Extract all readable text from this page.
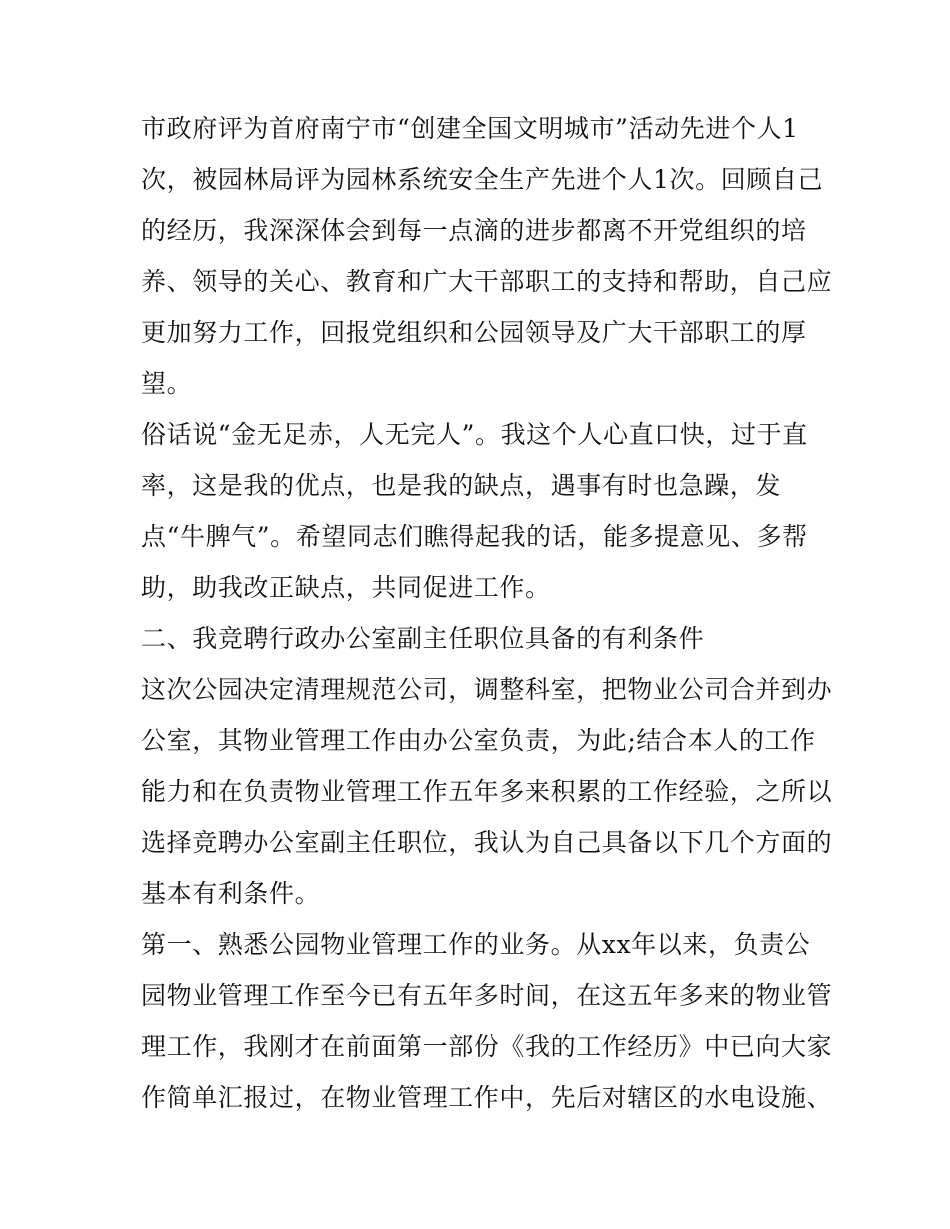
市政府评为首府南宁市“创建全国文明城市”活动先进个人1
次，被园林局评为园林系统安全生产先进个人1次。回顾自己
的经历，我深深体会到每一点滴的进步都离不开党组织的培
养、领导的关心、教育和广大干部职工的支持和帮助，自己应
更加努力工作，回报党组织和公园领导及广大干部职工的厚
望。
俗话说“金无足赤，人无完人”。我这个人心直口快，过于直
率，这是我的优点，也是我的缺点，遇事有时也急躁，发
点“牛脾气”。希望同志们瞧得起我的话，能多提意见、多帮
助，助我改正缺点，共同促进工作。
二、我竞聘行政办公室副主任职位具备的有利条件
这次公园决定清理规范公司，调整科室，把物业公司合并到办
公室，其物业管理工作由办公室负责，为此;结合本人的工作
能力和在负责物业管理工作五年多来积累的工作经验，之所以
选择竞聘办公室副主任职位，我认为自己具备以下几个方面的
基本有利条件。
第一、熟悉公园物业管理工作的业务。从xx年以来，负责公
园物业管理工作至今已有五年多时间，在这五年多来的物业管
理工作，我刚才在前面第一部份《我的工作经历》中已向大家
作简单汇报过，在物业管理工作中，先后对辖区的水电设施、
